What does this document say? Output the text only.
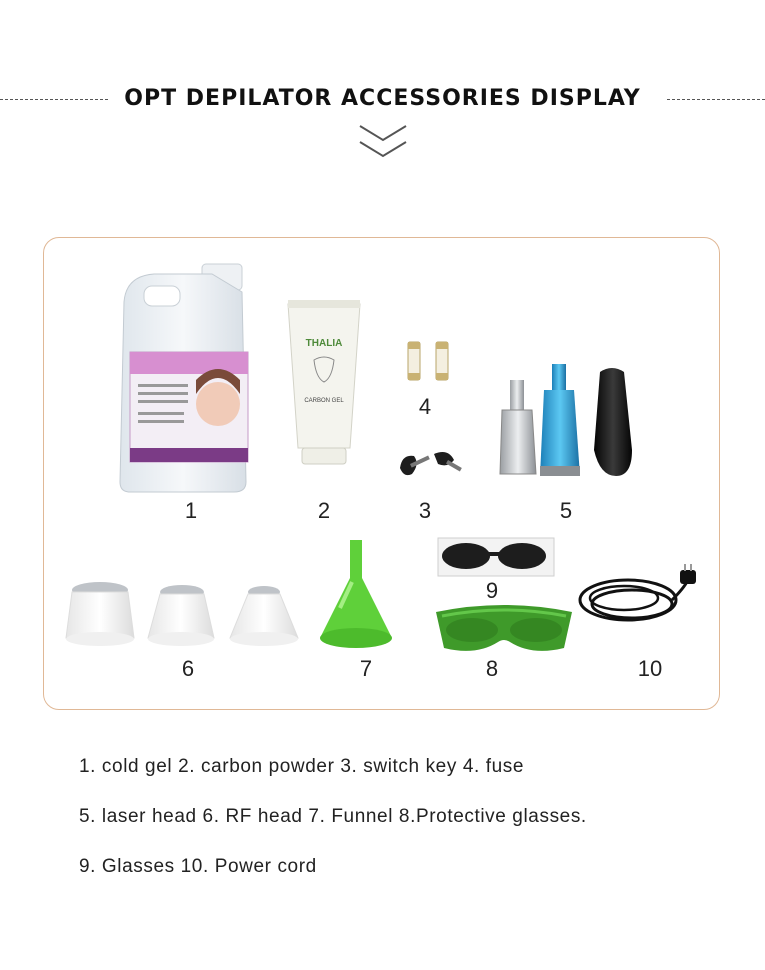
OPT DEPILATOR ACCESSORIES DISPLAY
THALIA
CARBON GEL
1	2	3
4
5
6	7	8
9
10
1. cold gel 2. carbon powder 3. switch key 4. fuse
5. laser head 6. RF head 7. Funnel 8.Protective glasses.
9. Glasses 10. Power cord
